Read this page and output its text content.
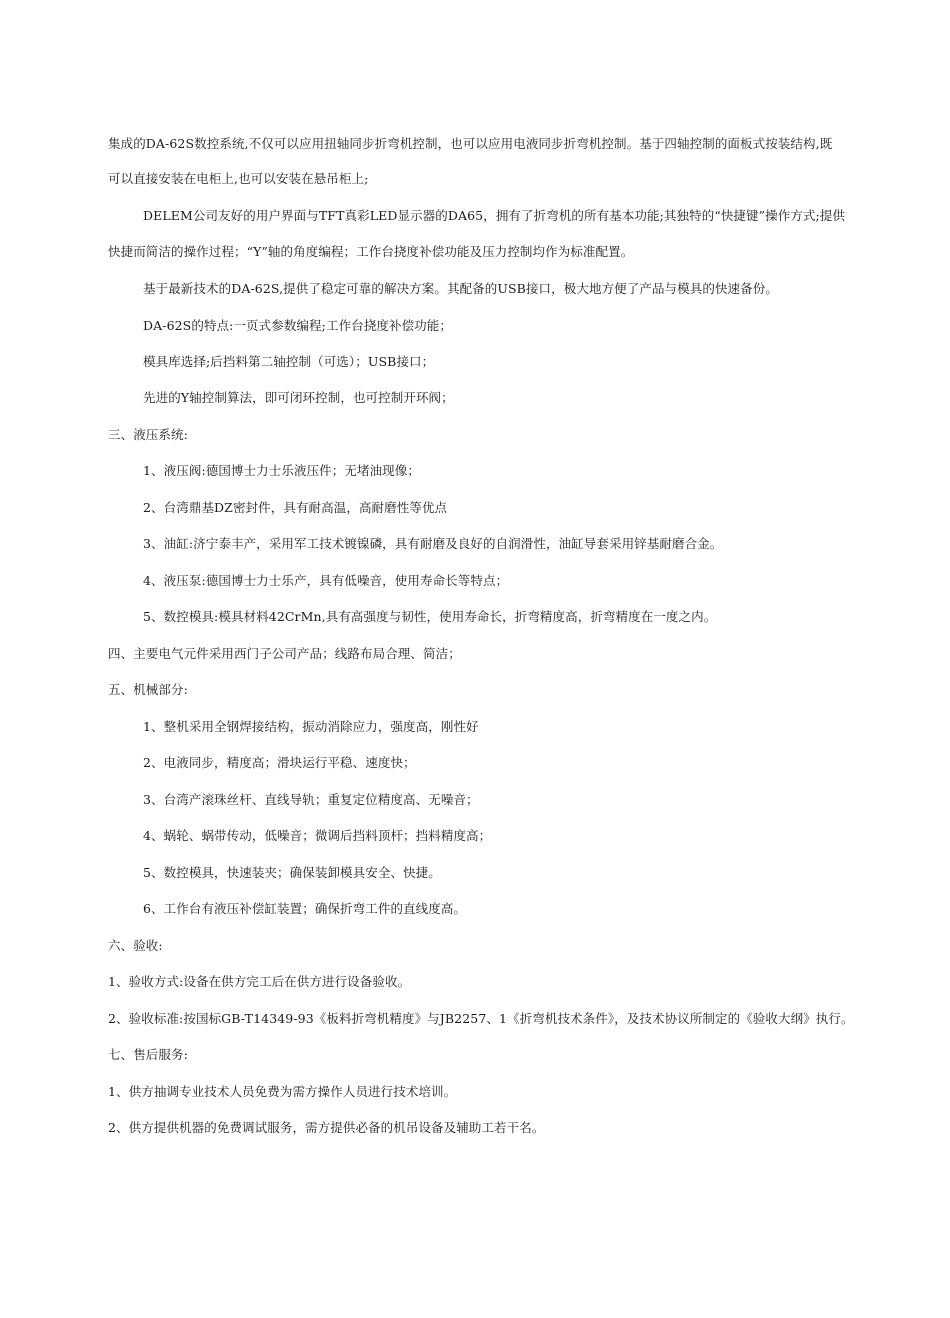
集成的DA-62S数控系统,不仅可以应用扭轴同步折弯机控制，也可以应用电液同步折弯机控制。基于四轴控制的面板式按装结构,既
可以直接安装在电柜上,也可以安装在悬吊柜上;
DELEM公司友好的用户界面与TFT真彩LED显示器的DA65，拥有了折弯机的所有基本功能;其独特的“快捷键”操作方式;提供
快捷而简洁的操作过程；“Y”轴的角度编程；工作台挠度补偿功能及压力控制均作为标准配置。
基于最新技术的DA-62S,提供了稳定可靠的解决方案。其配备的USB接口，极大地方便了产品与模具的快速备份。
DA-62S的特点:一页式参数编程;工作台挠度补偿功能；
模具库选择;后挡料第二轴控制（可选）；USB接口；
先进的Y轴控制算法，即可闭环控制，也可控制开环阀；
三、液压系统:
1、液压阀:德国博士力士乐液压件；无堵油现像；
2、台湾鼎基DZ密封件，具有耐高温，高耐磨性等优点
3、油缸:济宁泰丰产，采用军工技术镀镍磷，具有耐磨及良好的自润滑性，油缸导套采用锌基耐磨合金。
4、液压泵:德国博士力士乐产，具有低噪音，使用寿命长等特点；
5、数控模具:模具材料42CrMn,具有高强度与韧性，使用寿命长，折弯精度高，折弯精度在一度之内。
四、主要电气元件采用西门子公司产品；线路布局合理、简洁；
五、机械部分:
1、整机采用全钢焊接结构，振动消除应力，强度高，刚性好
2、电液同步，精度高；滑块运行平稳、速度快；
3、台湾产滚珠丝杆、直线导轨；重复定位精度高、无噪音；
4、蜗轮、蜗带传动，低噪音；微调后挡料顶杆；挡料精度高；
5、数控模具，快速装夹；确保装卸模具安全、快捷。
6、工作台有液压补偿缸装置；确保折弯工件的直线度高。
六、验收:
1、验收方式:设备在供方完工后在供方进行设备验收。
2、验收标准:按国标GB-T14349-93《板料折弯机精度》与JB2257、1《折弯机技术条件》，及技术协议所制定的《验收大纲》执行。
七、售后服务:
1、供方抽调专业技术人员免费为需方操作人员进行技术培训。
2、供方提供机器的免费调试服务，需方提供必备的机吊设备及辅助工若干名。
